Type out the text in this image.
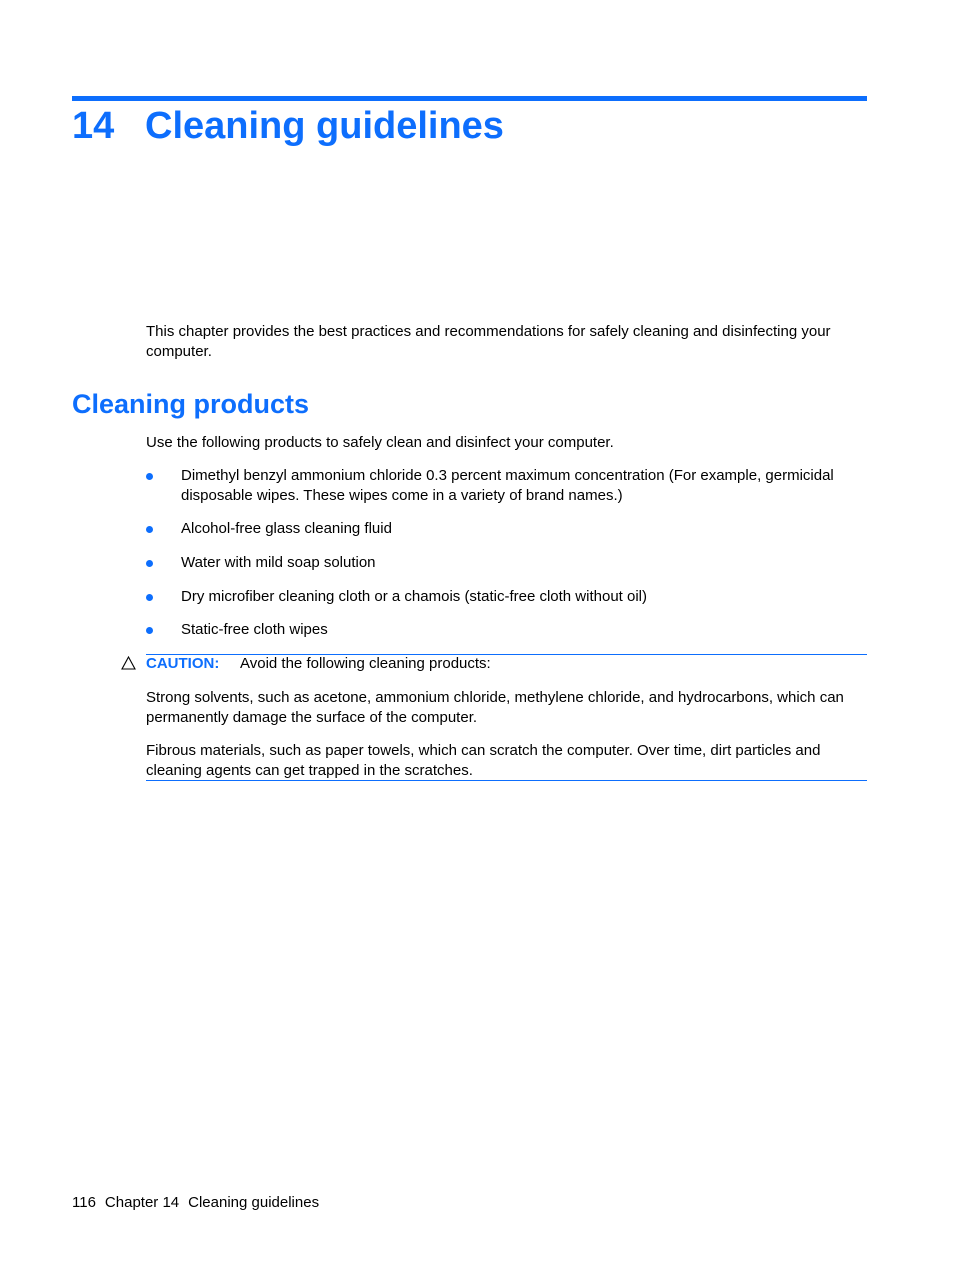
14 Cleaning guidelines

This chapter provides the best practices and recommendations for safely cleaning and disinfecting your computer.

Cleaning products

Use the following products to safely clean and disinfect your computer.

Dimethyl benzyl ammonium chloride 0.3 percent maximum concentration (For example, germicidal disposable wipes. These wipes come in a variety of brand names.)
Alcohol-free glass cleaning fluid
Water with mild soap solution
Dry microfiber cleaning cloth or a chamois (static-free cloth without oil)
Static-free cloth wipes
CAUTION: Avoid the following cleaning products:

Strong solvents, such as acetone, ammonium chloride, methylene chloride, and hydrocarbons, which can permanently damage the surface of the computer.

Fibrous materials, such as paper towels, which can scratch the computer. Over time, dirt particles and cleaning agents can get trapped in the scratches.

116 Chapter 14 Cleaning guidelines
